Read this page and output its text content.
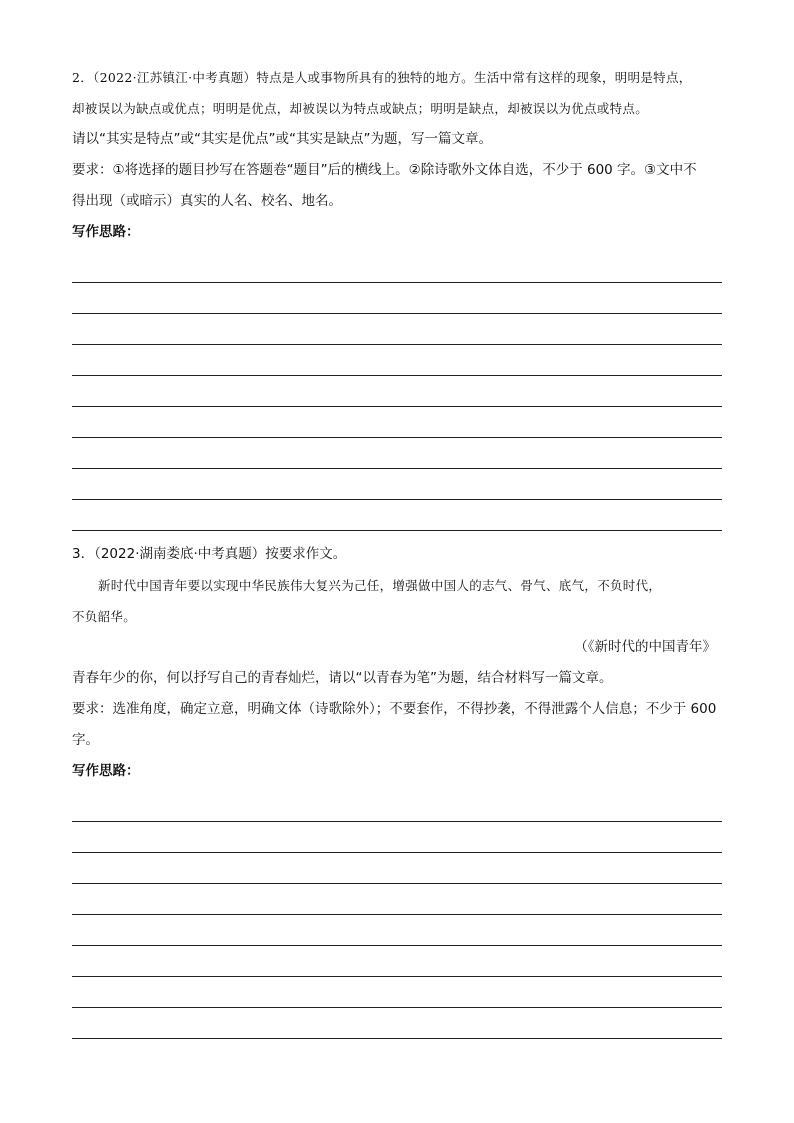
2．（2022·江苏镇江·中考真题）特点是人或事物所具有的独特的地方。生活中常有这样的现象，明明是特点，

却被误以为缺点或优点；明明是优点，却被误以为特点或缺点；明明是缺点，却被误以为优点或特点。

请以“其实是特点”或“其实是优点”或“其实是缺点”为题，写一篇文章。

要求：①将选择的题目抄写在答题卷“题目”后的横线上。②除诗歌外文体自选，不少于 600 字。③文中不

得出现（或暗示）真实的人名、校名、地名。

写作思路：

3．（2022·湖南娄底·中考真题）按要求作文。

新时代中国青年要以实现中华民族伟大复兴为己任，增强做中国人的志气、骨气、底气，不负时代，

不负韶华。

（《新时代的中国青年》

青春年少的你，何以抒写自己的青春灿烂，请以“以青春为笔”为题，结合材料写一篇文章。

要求：选准角度，确定立意，明确文体（诗歌除外）；不要套作，不得抄袭，不得泄露个人信息；不少于 600

字。

写作思路：
